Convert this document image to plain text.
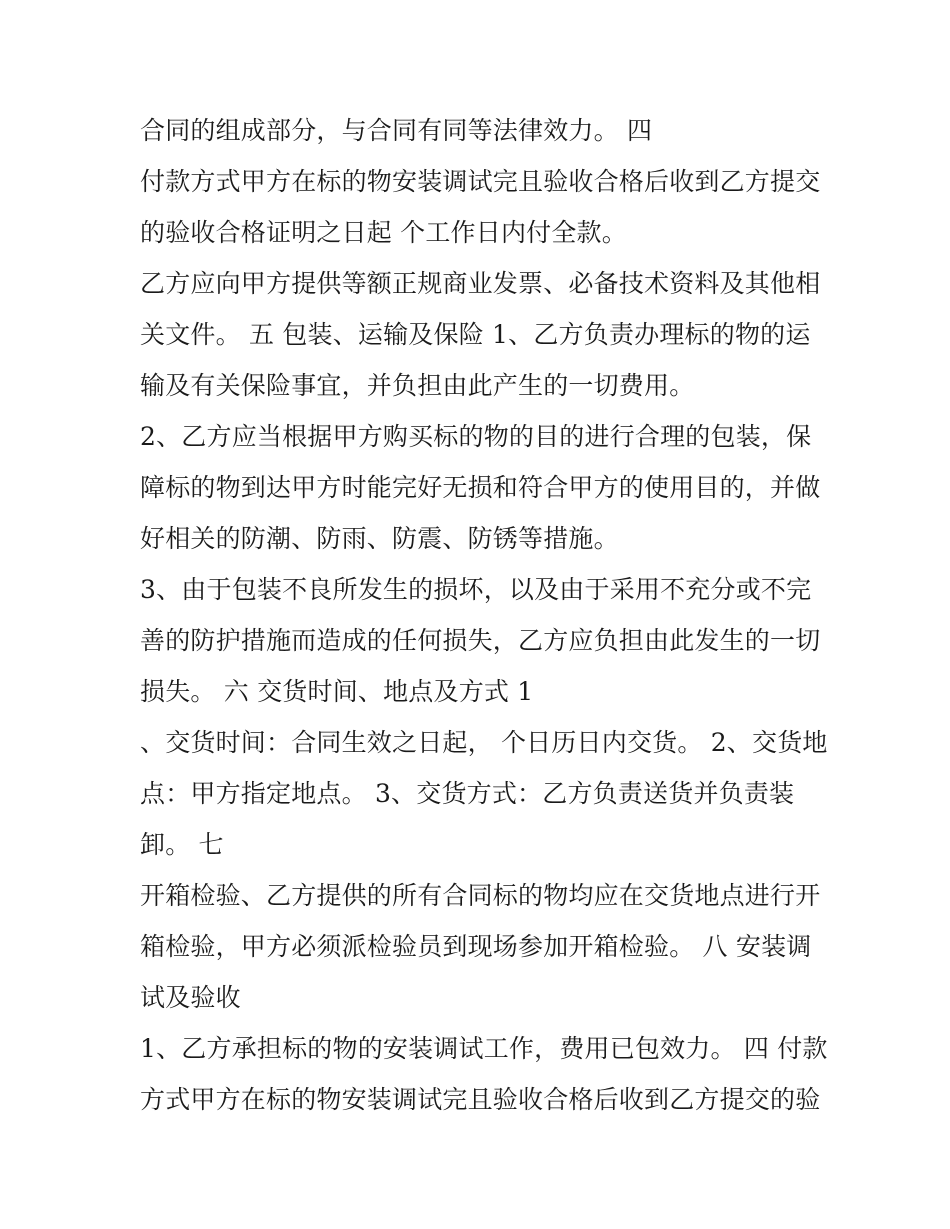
合同的组成部分，与合同有同等法律效力。 四
付款方式甲方在标的物安装调试完且验收合格后收到乙方提交
的验收合格证明之日起 个工作日内付全款。
乙方应向甲方提供等额正规商业发票、必备技术资料及其他相
关文件。 五 包装、运输及保险 1、乙方负责办理标的物的运
输及有关保险事宜，并负担由此产生的一切费用。
2、乙方应当根据甲方购买标的物的目的进行合理的包装，保
障标的物到达甲方时能完好无损和符合甲方的使用目的，并做
好相关的防潮、防雨、防震、防锈等措施。
3、由于包装不良所发生的损坏，以及由于采用不充分或不完
善的防护措施而造成的任何损失，乙方应负担由此发生的一切
损失。 六 交货时间、地点及方式 1
、交货时间：合同生效之日起， 个日历日内交货。 2、交货地
点：甲方指定地点。 3、交货方式：乙方负责送货并负责装
卸。 七
开箱检验、乙方提供的所有合同标的物均应在交货地点进行开
箱检验，甲方必须派检验员到现场参加开箱检验。 八 安装调
试及验收
1、乙方承担标的物的安装调试工作，费用已包效力。 四 付款
方式甲方在标的物安装调试完且验收合格后收到乙方提交的验
